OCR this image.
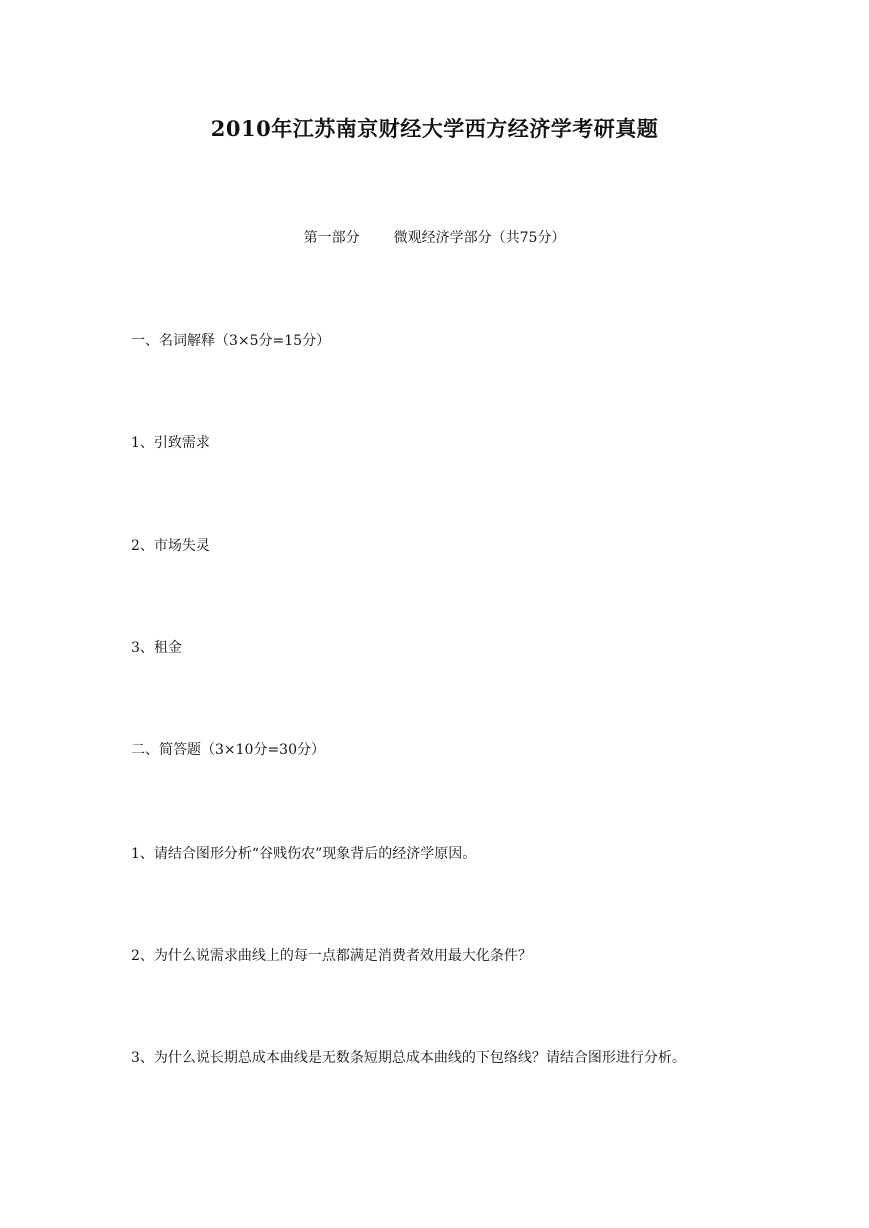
2010年江苏南京财经大学西方经济学考研真题
第一部分 微观经济学部分（共75分）
一、名词解释（3×5分=15分）
1、引致需求
2、市场失灵
3、租金
二、简答题（3×10分=30分）
1、请结合图形分析“谷贱伤农”现象背后的经济学原因。
2、为什么说需求曲线上的每一点都满足消费者效用最大化条件？
3、为什么说长期总成本曲线是无数条短期总成本曲线的下包络线？请结合图形进行分析。
